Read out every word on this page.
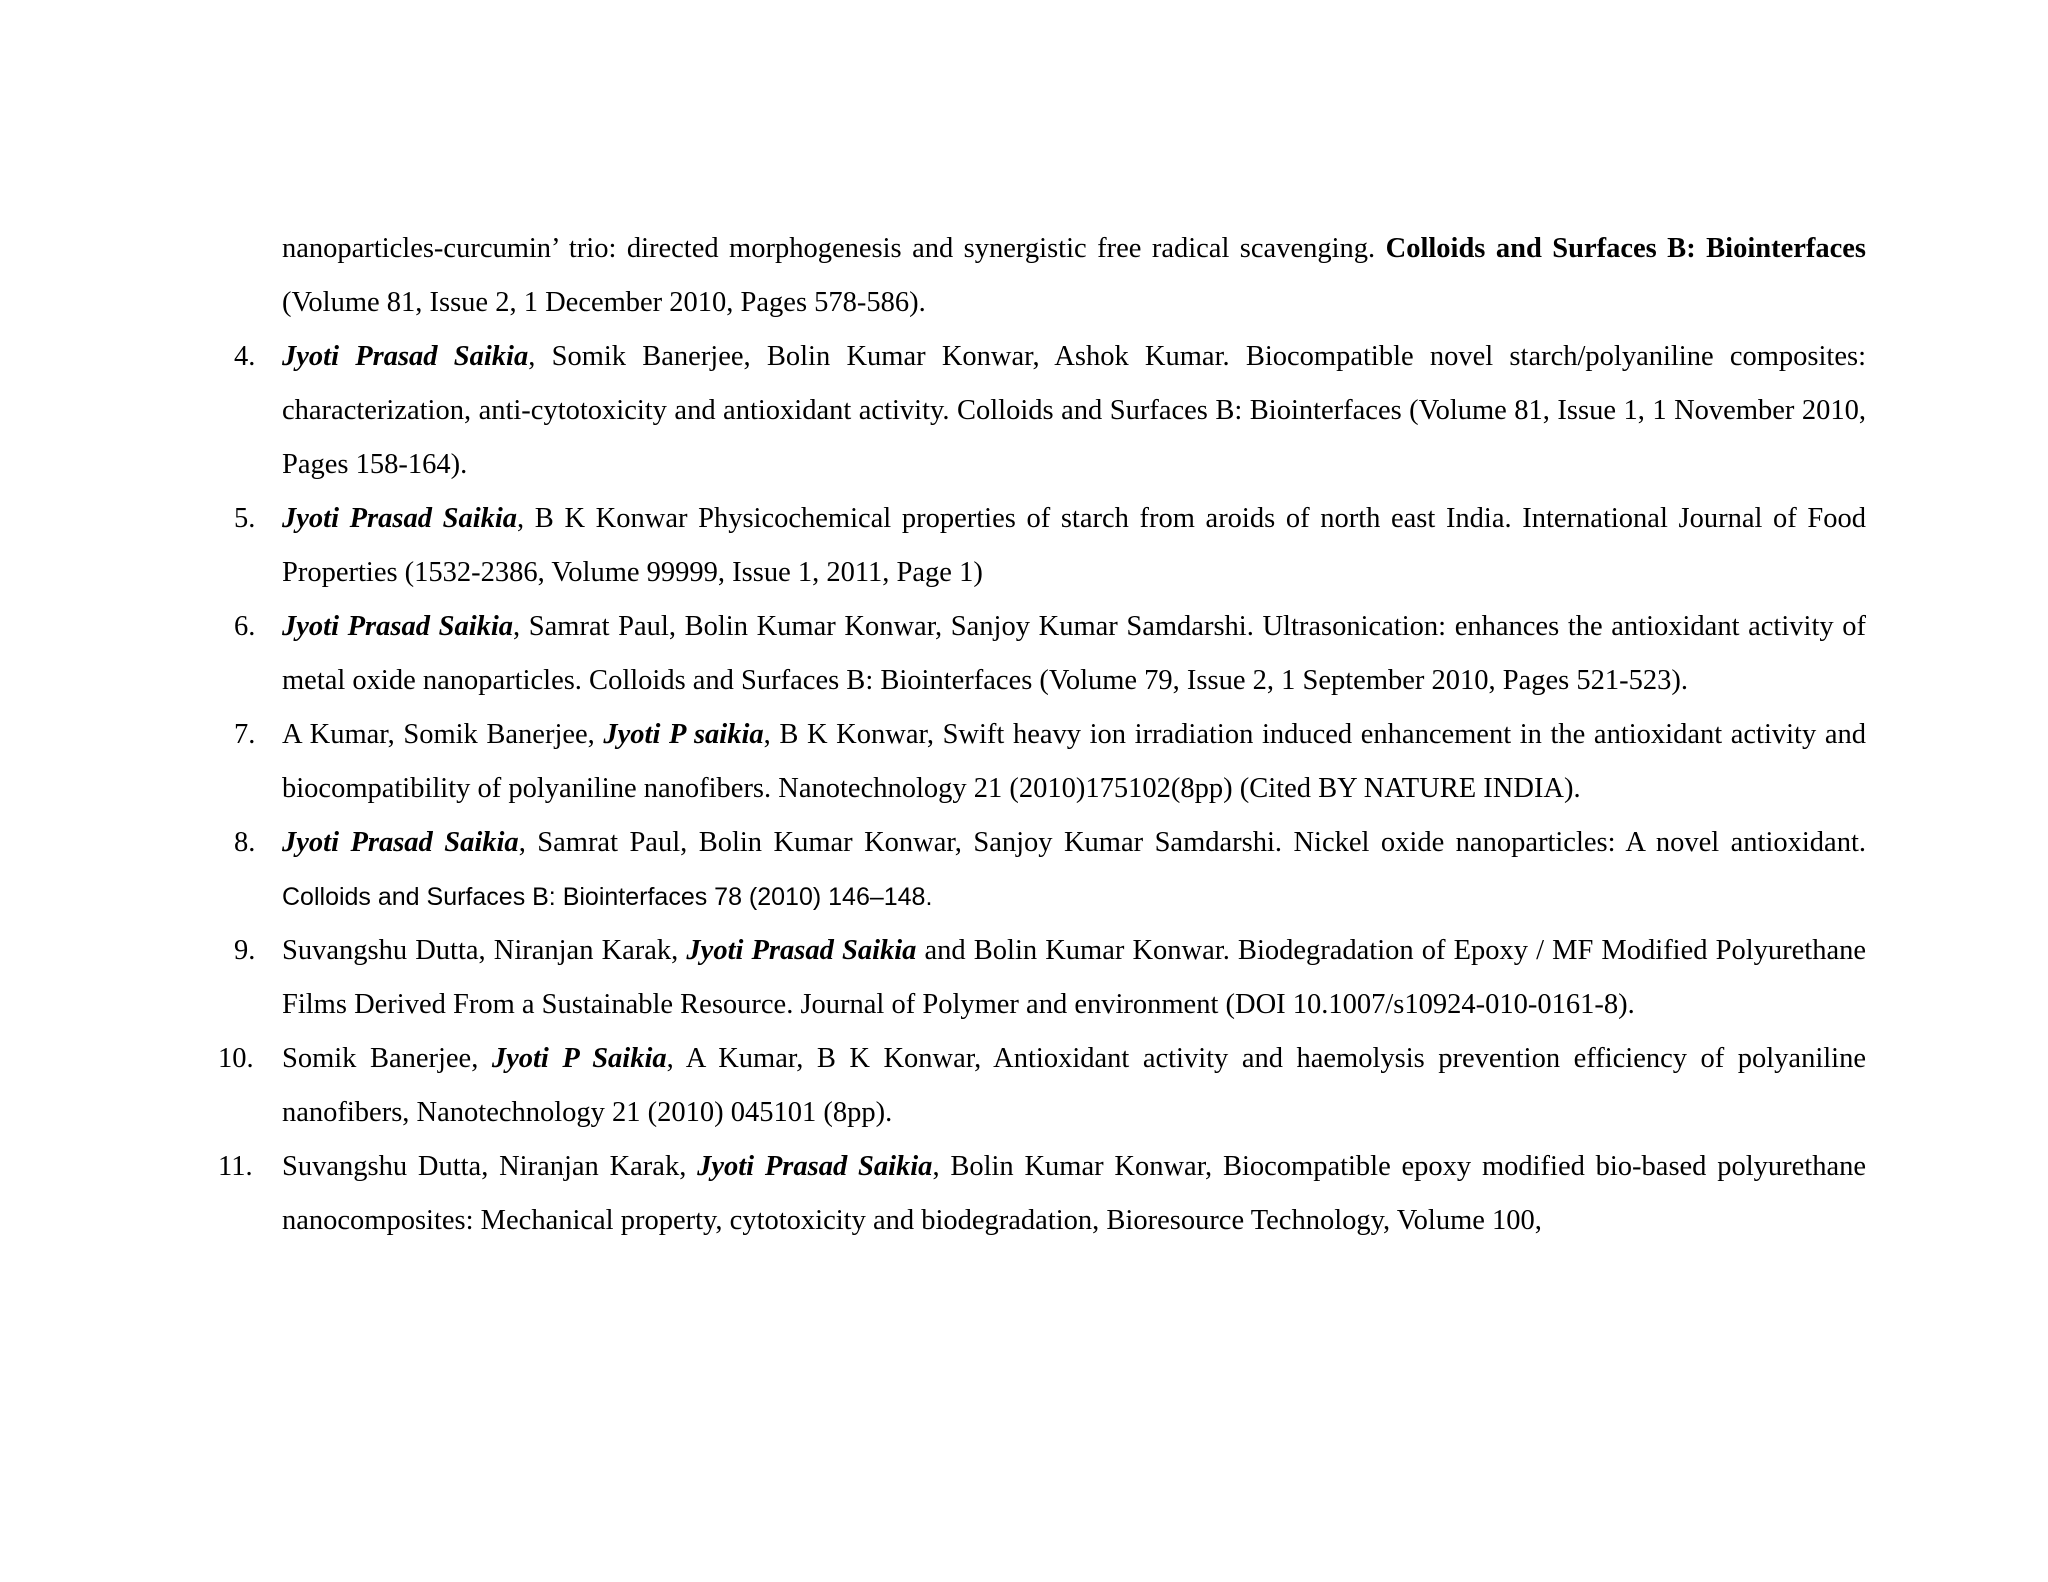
nanoparticles-curcumin’ trio: directed morphogenesis and synergistic free radical scavenging. Colloids and Surfaces B: Biointerfaces (Volume 81, Issue 2, 1 December 2010, Pages 578-586).
4. Jyoti Prasad Saikia, Somik Banerjee, Bolin Kumar Konwar, Ashok Kumar. Biocompatible novel starch/polyaniline composites: characterization, anti-cytotoxicity and antioxidant activity. Colloids and Surfaces B: Biointerfaces (Volume 81, Issue 1, 1 November 2010, Pages 158-164).
5. Jyoti Prasad Saikia, B K Konwar Physicochemical properties of starch from aroids of north east India. International Journal of Food Properties (1532-2386, Volume 99999, Issue 1, 2011, Page 1)
6. Jyoti Prasad Saikia, Samrat Paul, Bolin Kumar Konwar, Sanjoy Kumar Samdarshi. Ultrasonication: enhances the antioxidant activity of metal oxide nanoparticles. Colloids and Surfaces B: Biointerfaces (Volume 79, Issue 2, 1 September 2010, Pages 521-523).
7. A Kumar, Somik Banerjee, Jyoti P saikia, B K Konwar, Swift heavy ion irradiation induced enhancement in the antioxidant activity and biocompatibility of polyaniline nanofibers. Nanotechnology 21 (2010)175102(8pp) (Cited BY NATURE INDIA).
8. Jyoti Prasad Saikia, Samrat Paul, Bolin Kumar Konwar, Sanjoy Kumar Samdarshi. Nickel oxide nanoparticles: A novel antioxidant. Colloids and Surfaces B: Biointerfaces 78 (2010) 146–148.
9. Suvangshu Dutta, Niranjan Karak, Jyoti Prasad Saikia and Bolin Kumar Konwar. Biodegradation of Epoxy / MF Modified Polyurethane Films Derived From a Sustainable Resource. Journal of Polymer and environment (DOI 10.1007/s10924-010-0161-8).
10. Somik Banerjee, Jyoti P Saikia, A Kumar, B K Konwar, Antioxidant activity and haemolysis prevention efficiency of polyaniline nanofibers, Nanotechnology 21 (2010) 045101 (8pp).
11. Suvangshu Dutta, Niranjan Karak, Jyoti Prasad Saikia, Bolin Kumar Konwar, Biocompatible epoxy modified bio-based polyurethane nanocomposites: Mechanical property, cytotoxicity and biodegradation, Bioresource Technology, Volume 100,
